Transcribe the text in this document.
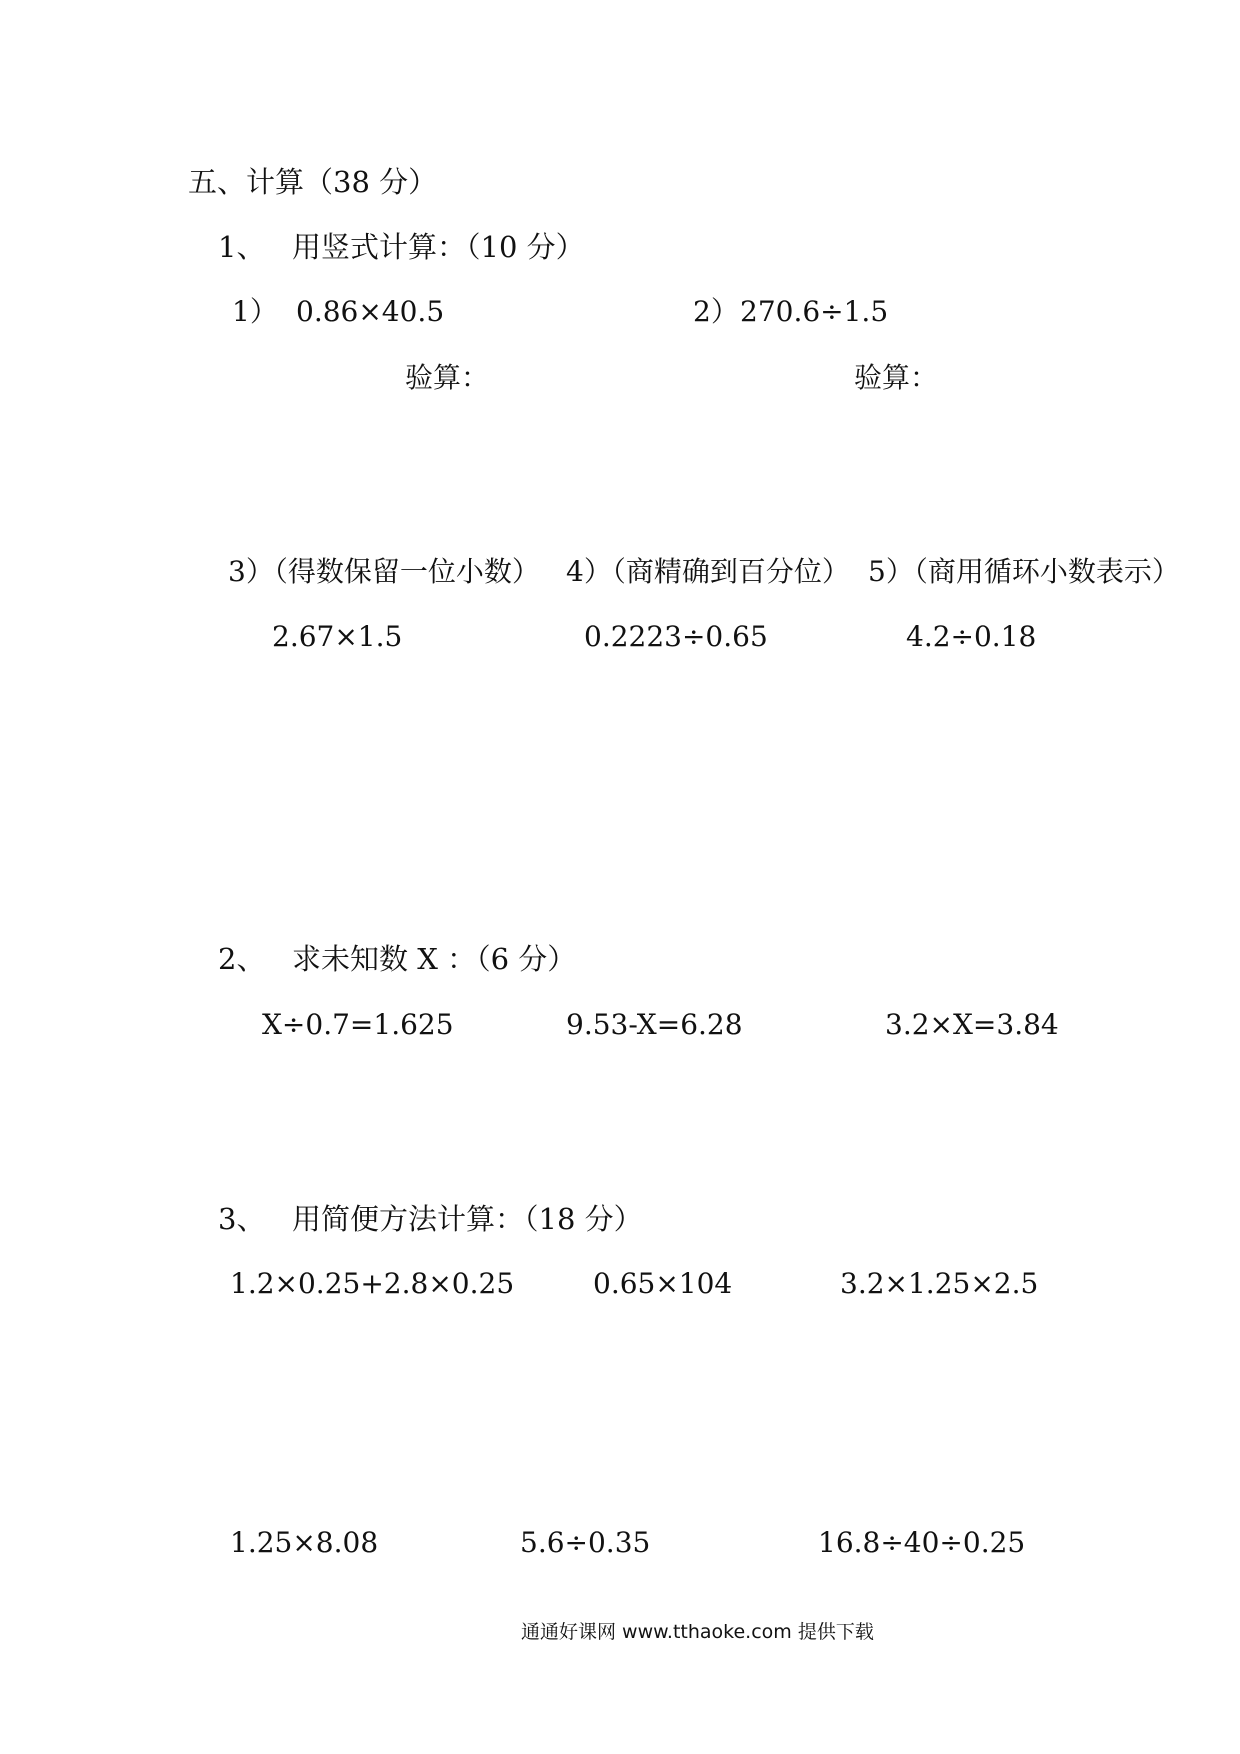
五、计算（38 分）
1、 用竖式计算：（10 分）
1） 0.86×40.5	2） 270.6÷1.5
验算：	验算：
3）（得数保留一位小数） 4）（商精确到百分位） 5）（商用循环小数表示）
2.67×1.5	0.2223÷0.65	4.2÷0.18
2、 求未知数 X ：（6 分）
X÷0.7=1.625	9.53-X=6.28	3.2×X=3.84
3、 用简便方法计算：（18 分）
1.2×0.25+2.8×0.25	0.65×104	3.2×1.25×2.5
1.25×8.08	5.6÷0.35	16.8÷40÷0.25
通通好课网 www.tthaoke.com 提供下载
